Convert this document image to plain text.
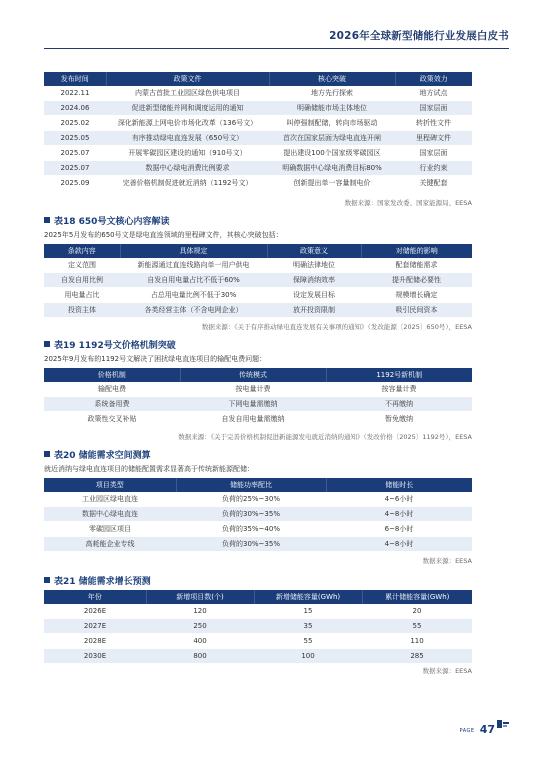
2026年全球新型储能行业发展白皮书
发布时间	政策文件	核心突破	政策效力
2022.11	内蒙古首批工业园区绿色供电项目	地方先行探索	地方试点
2024.06	促进新型储能并网和调度运用的通知	明确储能市场主体地位	国家层面
2025.02	深化新能源上网电价市场化改革（136号文）	叫停强制配储，转向市场驱动	转折性文件
2025.05	有序推动绿电直连发展（650号文）	首次在国家层面为绿电直连开闸	里程碑文件
2025.07	开展零碳园区建设的通知（910号文）	提出建设100个国家级零碳园区	国家层面
2025.07	数据中心绿电消费比例要求	明确数据中心绿电消费目标80%	行业约束
2025.09	完善价格机制促进就近消纳（1192号文）	创新提出单一容量制电价	关键配套
数据来源：国家发改委、国家能源局、EESA
表18 650号文核心内容解读
2025年5月发布的650号文是绿电直连领域的里程碑文件，其核心突破包括：
条款内容	具体规定	政策意义	对储能的影响
定义范围	新能源通过直连线路向单一用户供电	明确法律地位	配套储能需求
自发自用比例	自发自用电量占比不低于60%	保障消纳效率	提升配储必要性
用电量占比	占总用电量比例不低于30%	设定发展目标	规模增长确定
投资主体	各类经营主体（不含电网企业）	放开投资限制	吸引民间资本
数据来源：《关于有序推动绿电直连发展有关事项的通知》（发改能源〔2025〕650号），EESA
表19 1192号文价格机制突破
2025年9月发布的1192号文解决了困扰绿电直连项目的输配电费问题：
价格机制	传统模式	1192号新机制
输配电费	按电量计费	按容量计费
系统备用费	下网电量需缴纳	不再缴纳
政策性交叉补贴	自发自用电量需缴纳	暂免缴纳
数据来源：《关于完善价格机制促进新能源发电就近消纳的通知》（发改价格〔2025〕1192号），EESA
表20 储能需求空间测算
就近消纳与绿电直连项目的储能配置需求显著高于传统新能源配储：
项目类型	储能功率配比	储能时长
工业园区绿电直连	负荷的25%~30%	4~6小时
数据中心绿电直连	负荷的30%~35%	4~8小时
零碳园区项目	负荷的35%~40%	6~8小时
高耗能企业专线	负荷的30%~35%	4~8小时
数据来源：EESA
表21 储能需求增长预测
年份	新增项目数(个)	新增储能容量(GWh)	累计储能容量(GWh)
2026E	120	15	20
2027E	250	35	55
2028E	400	55	110
2030E	800	100	285
数据来源：EESA
PAGE 47
